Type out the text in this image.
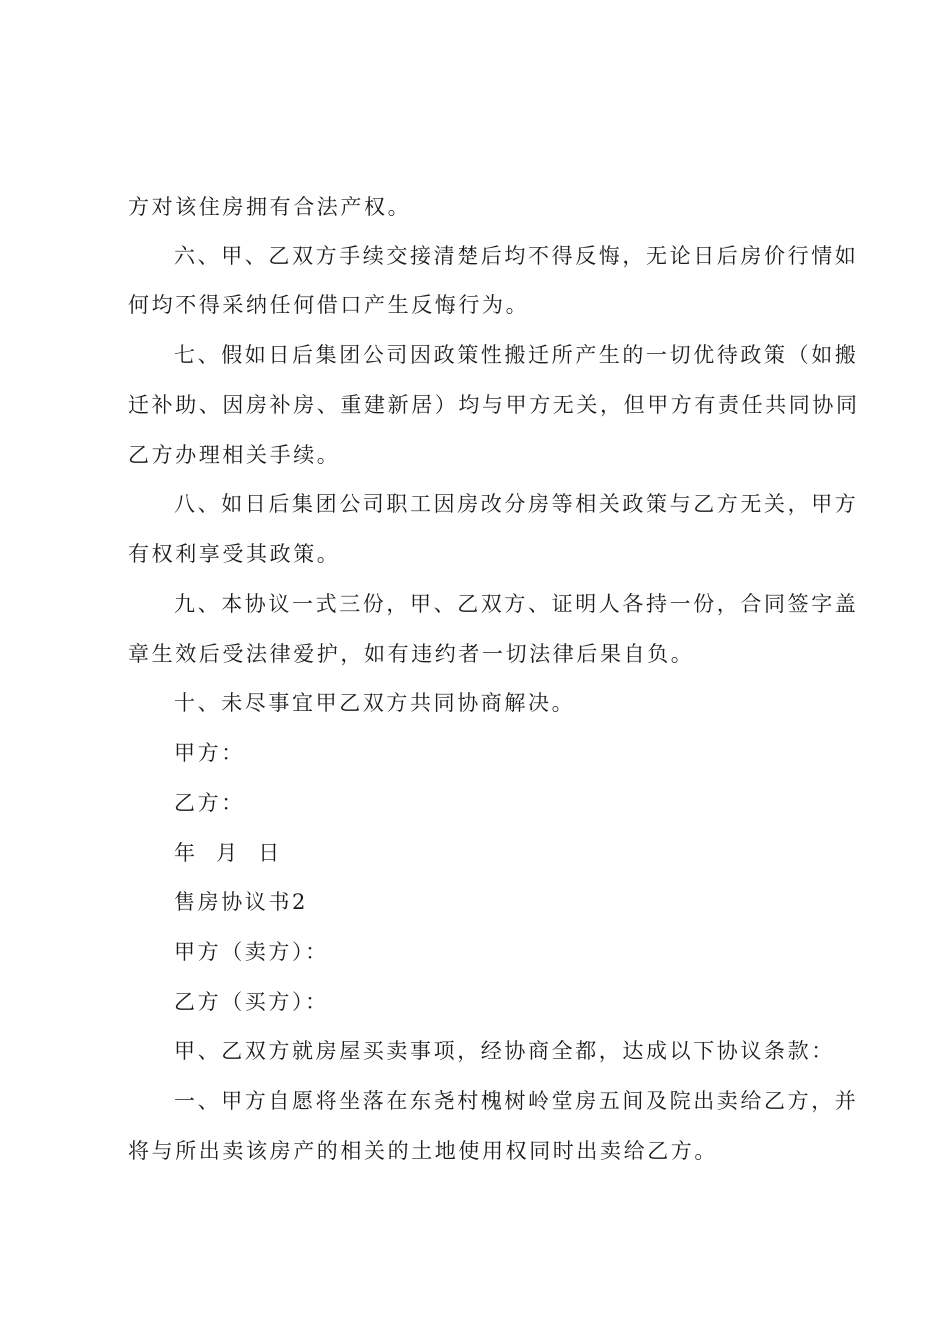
方对该住房拥有合法产权。
六、甲、乙双方手续交接清楚后均不得反悔，无论日后房价行情如
何均不得采纳任何借口产生反悔行为。
七、假如日后集团公司因政策性搬迁所产生的一切优待政策（如搬
迁补助、因房补房、重建新居）均与甲方无关，但甲方有责任共同协同
乙方办理相关手续。
八、如日后集团公司职工因房改分房等相关政策与乙方无关，甲方
有权利享受其政策。
九、本协议一式三份，甲、乙双方、证明人各持一份，合同签字盖
章生效后受法律爱护，如有违约者一切法律后果自负。
十、未尽事宜甲乙双方共同协商解决。
甲方：
乙方：
年  月  日
售房协议书2
甲方（卖方）：
乙方（买方）：
甲、乙双方就房屋买卖事项，经协商全都，达成以下协议条款：
一、甲方自愿将坐落在东尧村槐树岭堂房五间及院出卖给乙方，并
将与所出卖该房产的相关的土地使用权同时出卖给乙方。
